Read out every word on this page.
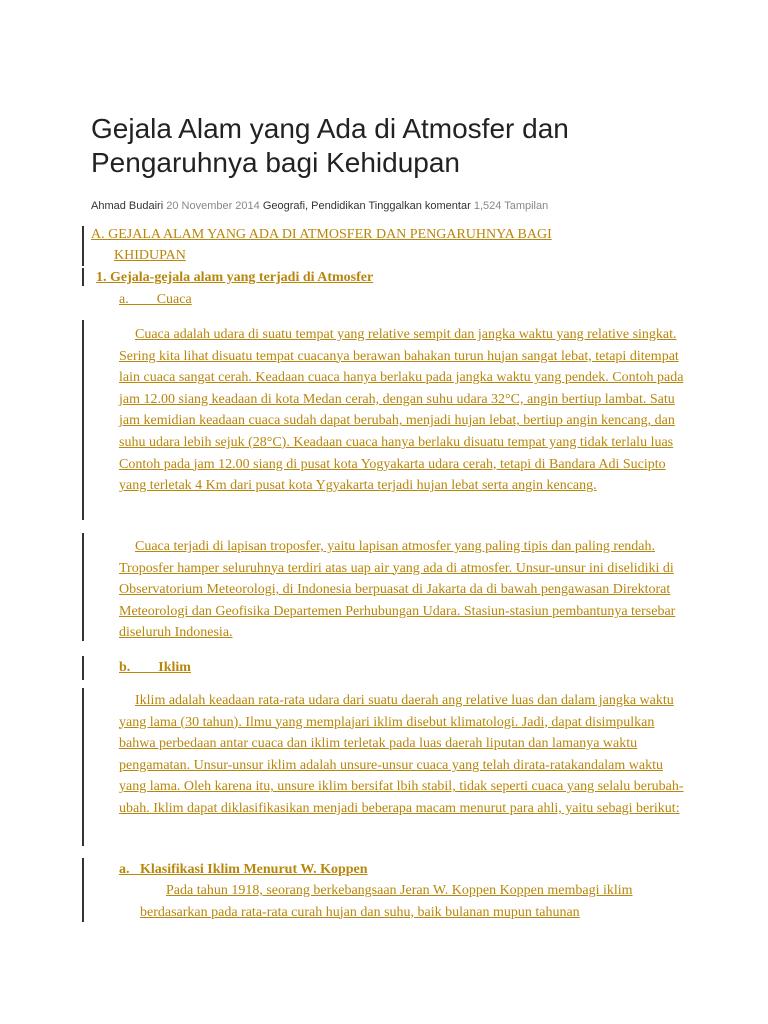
Gejala Alam yang Ada di Atmosfer dan Pengaruhnya bagi Kehidupan
Ahmad Budairi 20 November 2014 Geografi, Pendidikan Tinggalkan komentar 1,524 Tampilan
A. GEJALA ALAM YANG ADA DI ATMOSFER DAN PENGARUHNYA BAGI
KHIDUPAN
1. Gejala-gejala alam yang terjadi di Atmosfer
a.        Cuaca

Cuaca adalah udara di suatu tempat yang relative sempit dan jangka waktu yang relative singkat. Sering kita lihat disuatu tempat cuacanya berawan bahakan turun hujan sangat lebat, tetapi ditempat lain cuaca sangat cerah. Keadaan cuaca hanya berlaku pada jangka waktu yang pendek. Contoh pada jam 12.00 siang keadaan di kota Medan cerah, dengan suhu udara 32°C, angin bertiup lambat. Satu jam kemidian keadaan cuaca sudah dapat berubah, menjadi hujan lebat, bertiup angin kencang, dan suhu udara lebih sejuk (28°C). Keadaan cuaca hanya berlaku disuatu tempat yang tidak terlalu luas Contoh pada jam 12.00 siang di pusat kota Yogyakarta udara cerah, tetapi di Bandara Adi Sucipto yang terletak 4 Km dari pusat kota Ygyakarta terjadi hujan lebat serta angin kencang.

Cuaca terjadi di lapisan troposfer, yaitu lapisan atmosfer yang paling tipis dan paling rendah. Troposfer hamper seluruhnya terdiri atas uap air yang ada di atmosfer. Unsur-unsur ini diselidiki di Observatorium Meteorologi, di Indonesia berpuasat di Jakarta da di bawah pengawasan Direktorat Meteorologi dan Geofisika Departemen Perhubungan Udara. Stasiun-stasiun pembantunya tersebar diseluruh Indonesia.

b.        Iklim

Iklim adalah keadaan rata-rata udara dari suatu daerah ang relative luas dan dalam jangka waktu yang lama (30 tahun). Ilmu yang memplajari iklim disebut klimatologi. Jadi, dapat disimpulkan bahwa perbedaan antar cuaca dan iklim terletak pada luas daerah liputan dan lamanya waktu pengamatan. Unsur-unsur iklim adalah unsure-unsur cuaca yang telah dirata-ratakandalam waktu yang lama. Oleh karena itu, unsure iklim bersifat lbih stabil, tidak seperti cuaca yang selalu berubah-ubah. Iklim dapat diklasifikasikan menjadi beberapa macam menurut para ahli, yaitu sebagi berikut:

a.   Klasifikasi Iklim Menurut W. Koppen

Pada tahun 1918, seorang berkebangsaan Jeran W. Koppen Koppen membagi iklim berdasarkan pada rata-rata curah hujan dan suhu, baik bulanan mupun tahunan
